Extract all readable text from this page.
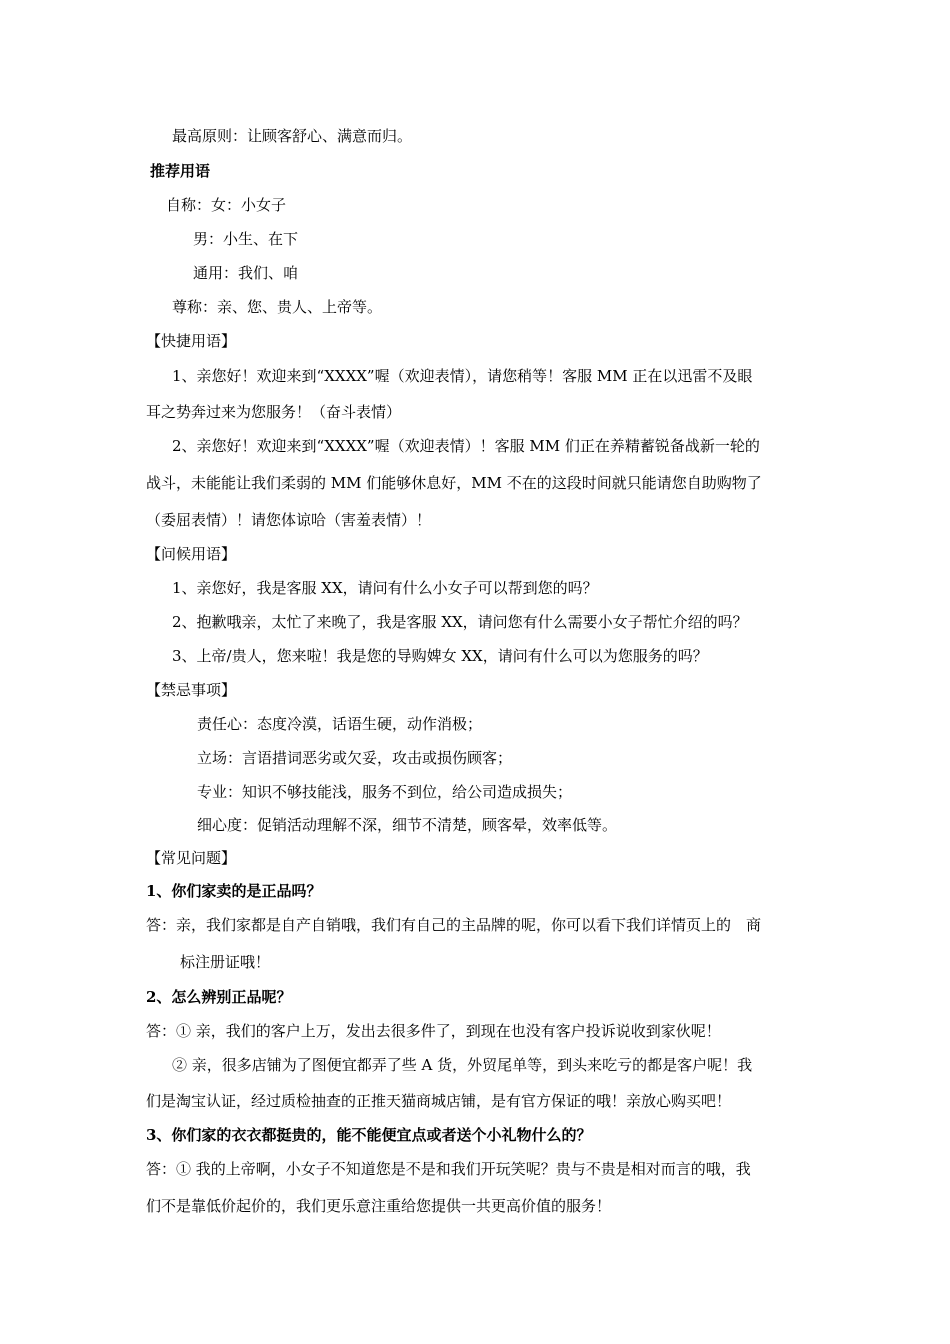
最高原则：让顾客舒心、满意而归。
推荐用语
自称：女：小女子
男：小生、在下
通用：我们、咱
尊称：亲、您、贵人、上帝等。
【快捷用语】
1、亲您好！欢迎来到“XXXX”喔（欢迎表情），请您稍等！客服 MM 正在以迅雷不及眼
耳之势奔过来为您服务！（奋斗表情）
2、亲您好！欢迎来到“XXXX”喔（欢迎表情）！客服 MM 们正在养精蓄锐备战新一轮的
战斗，未能能让我们柔弱的 MM 们能够休息好，MM 不在的这段时间就只能请您自助购物了
（委屈表情）！请您体谅哈（害羞表情）！
【问候用语】
1、亲您好，我是客服 XX，请问有什么小女子可以帮到您的吗？
2、抱歉哦亲，太忙了来晚了，我是客服 XX，请问您有什么需要小女子帮忙介绍的吗？
3、上帝/贵人，您来啦！我是您的导购婢女 XX，请问有什么可以为您服务的吗？
【禁忌事项】
责任心：态度冷漠，话语生硬，动作消极；
立场：言语措词恶劣或欠妥，攻击或损伤顾客；
专业：知识不够技能浅，服务不到位，给公司造成损失；
细心度：促销活动理解不深，细节不清楚，顾客晕，效率低等。
【常见问题】
1、你们家卖的是正品吗？
答：亲，我们家都是自产自销哦，我们有自己的主品牌的呢，你可以看下我们详情页上的　商
标注册证哦！
2、怎么辨别正品呢？
答：① 亲，我们的客户上万，发出去很多件了，到现在也没有客户投诉说收到家伙呢！
② 亲，很多店铺为了图便宜都弄了些 A 货，外贸尾单等，到头来吃亏的都是客户呢！我
们是淘宝认证，经过质检抽查的正推天猫商城店铺，是有官方保证的哦！亲放心购买吧！
3、你们家的衣衣都挺贵的，能不能便宜点或者送个小礼物什么的？
答：① 我的上帝啊，小女子不知道您是不是和我们开玩笑呢？贵与不贵是相对而言的哦，我
们不是靠低价起价的，我们更乐意注重给您提供一共更高价值的服务！
